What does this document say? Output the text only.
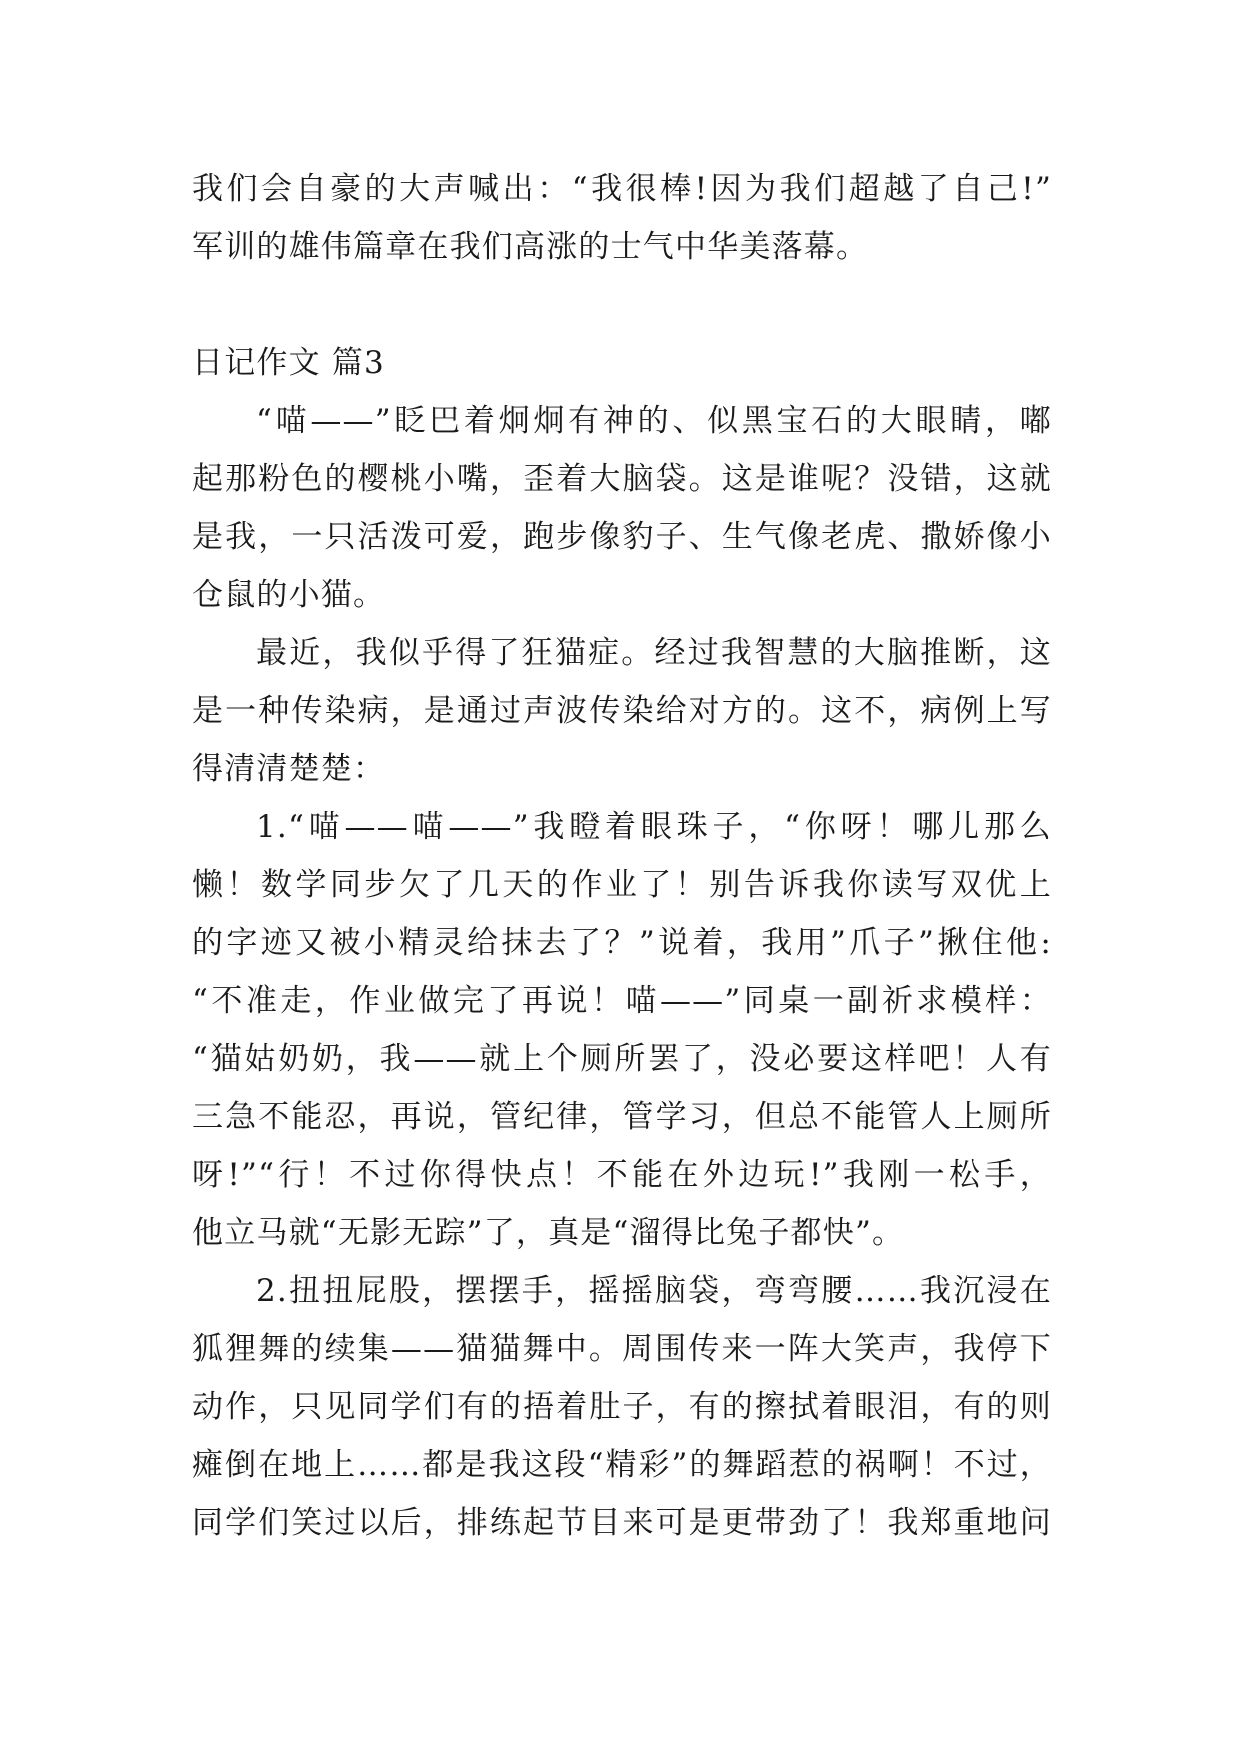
我们会自豪的大声喊出：“我很棒!因为我们超越了自己!”
军训的雄伟篇章在我们高涨的士气中华美落幕。
日记作文 篇3
“喵——”眨巴着炯炯有神的、似黑宝石的大眼睛，嘟
起那粉色的樱桃小嘴，歪着大脑袋。这是谁呢？没错，这就
是我，一只活泼可爱，跑步像豹子、生气像老虎、撒娇像小
仓鼠的小猫。
最近，我似乎得了狂猫症。经过我智慧的大脑推断，这
是一种传染病，是通过声波传染给对方的。这不，病例上写
得清清楚楚：
1.“喵——喵——”我瞪着眼珠子，“你呀！哪儿那么
懒！数学同步欠了几天的作业了！别告诉我你读写双优上
的字迹又被小精灵给抹去了？”说着，我用”爪子”揪住他:
“不准走，作业做完了再说！喵——”同桌一副祈求模样：
“猫姑奶奶，我——就上个厕所罢了，没必要这样吧！人有
三急不能忍，再说，管纪律，管学习，但总不能管人上厕所
呀!”“行！不过你得快点！不能在外边玩!”我刚一松手，
他立马就“无影无踪”了，真是“溜得比兔子都快”。
2.扭扭屁股，摆摆手，摇摇脑袋，弯弯腰……我沉浸在
狐狸舞的续集——猫猫舞中。周围传来一阵大笑声，我停下
动作，只见同学们有的捂着肚子，有的擦拭着眼泪，有的则
瘫倒在地上……都是我这段“精彩”的舞蹈惹的祸啊！不过，
同学们笑过以后，排练起节目来可是更带劲了！我郑重地问
